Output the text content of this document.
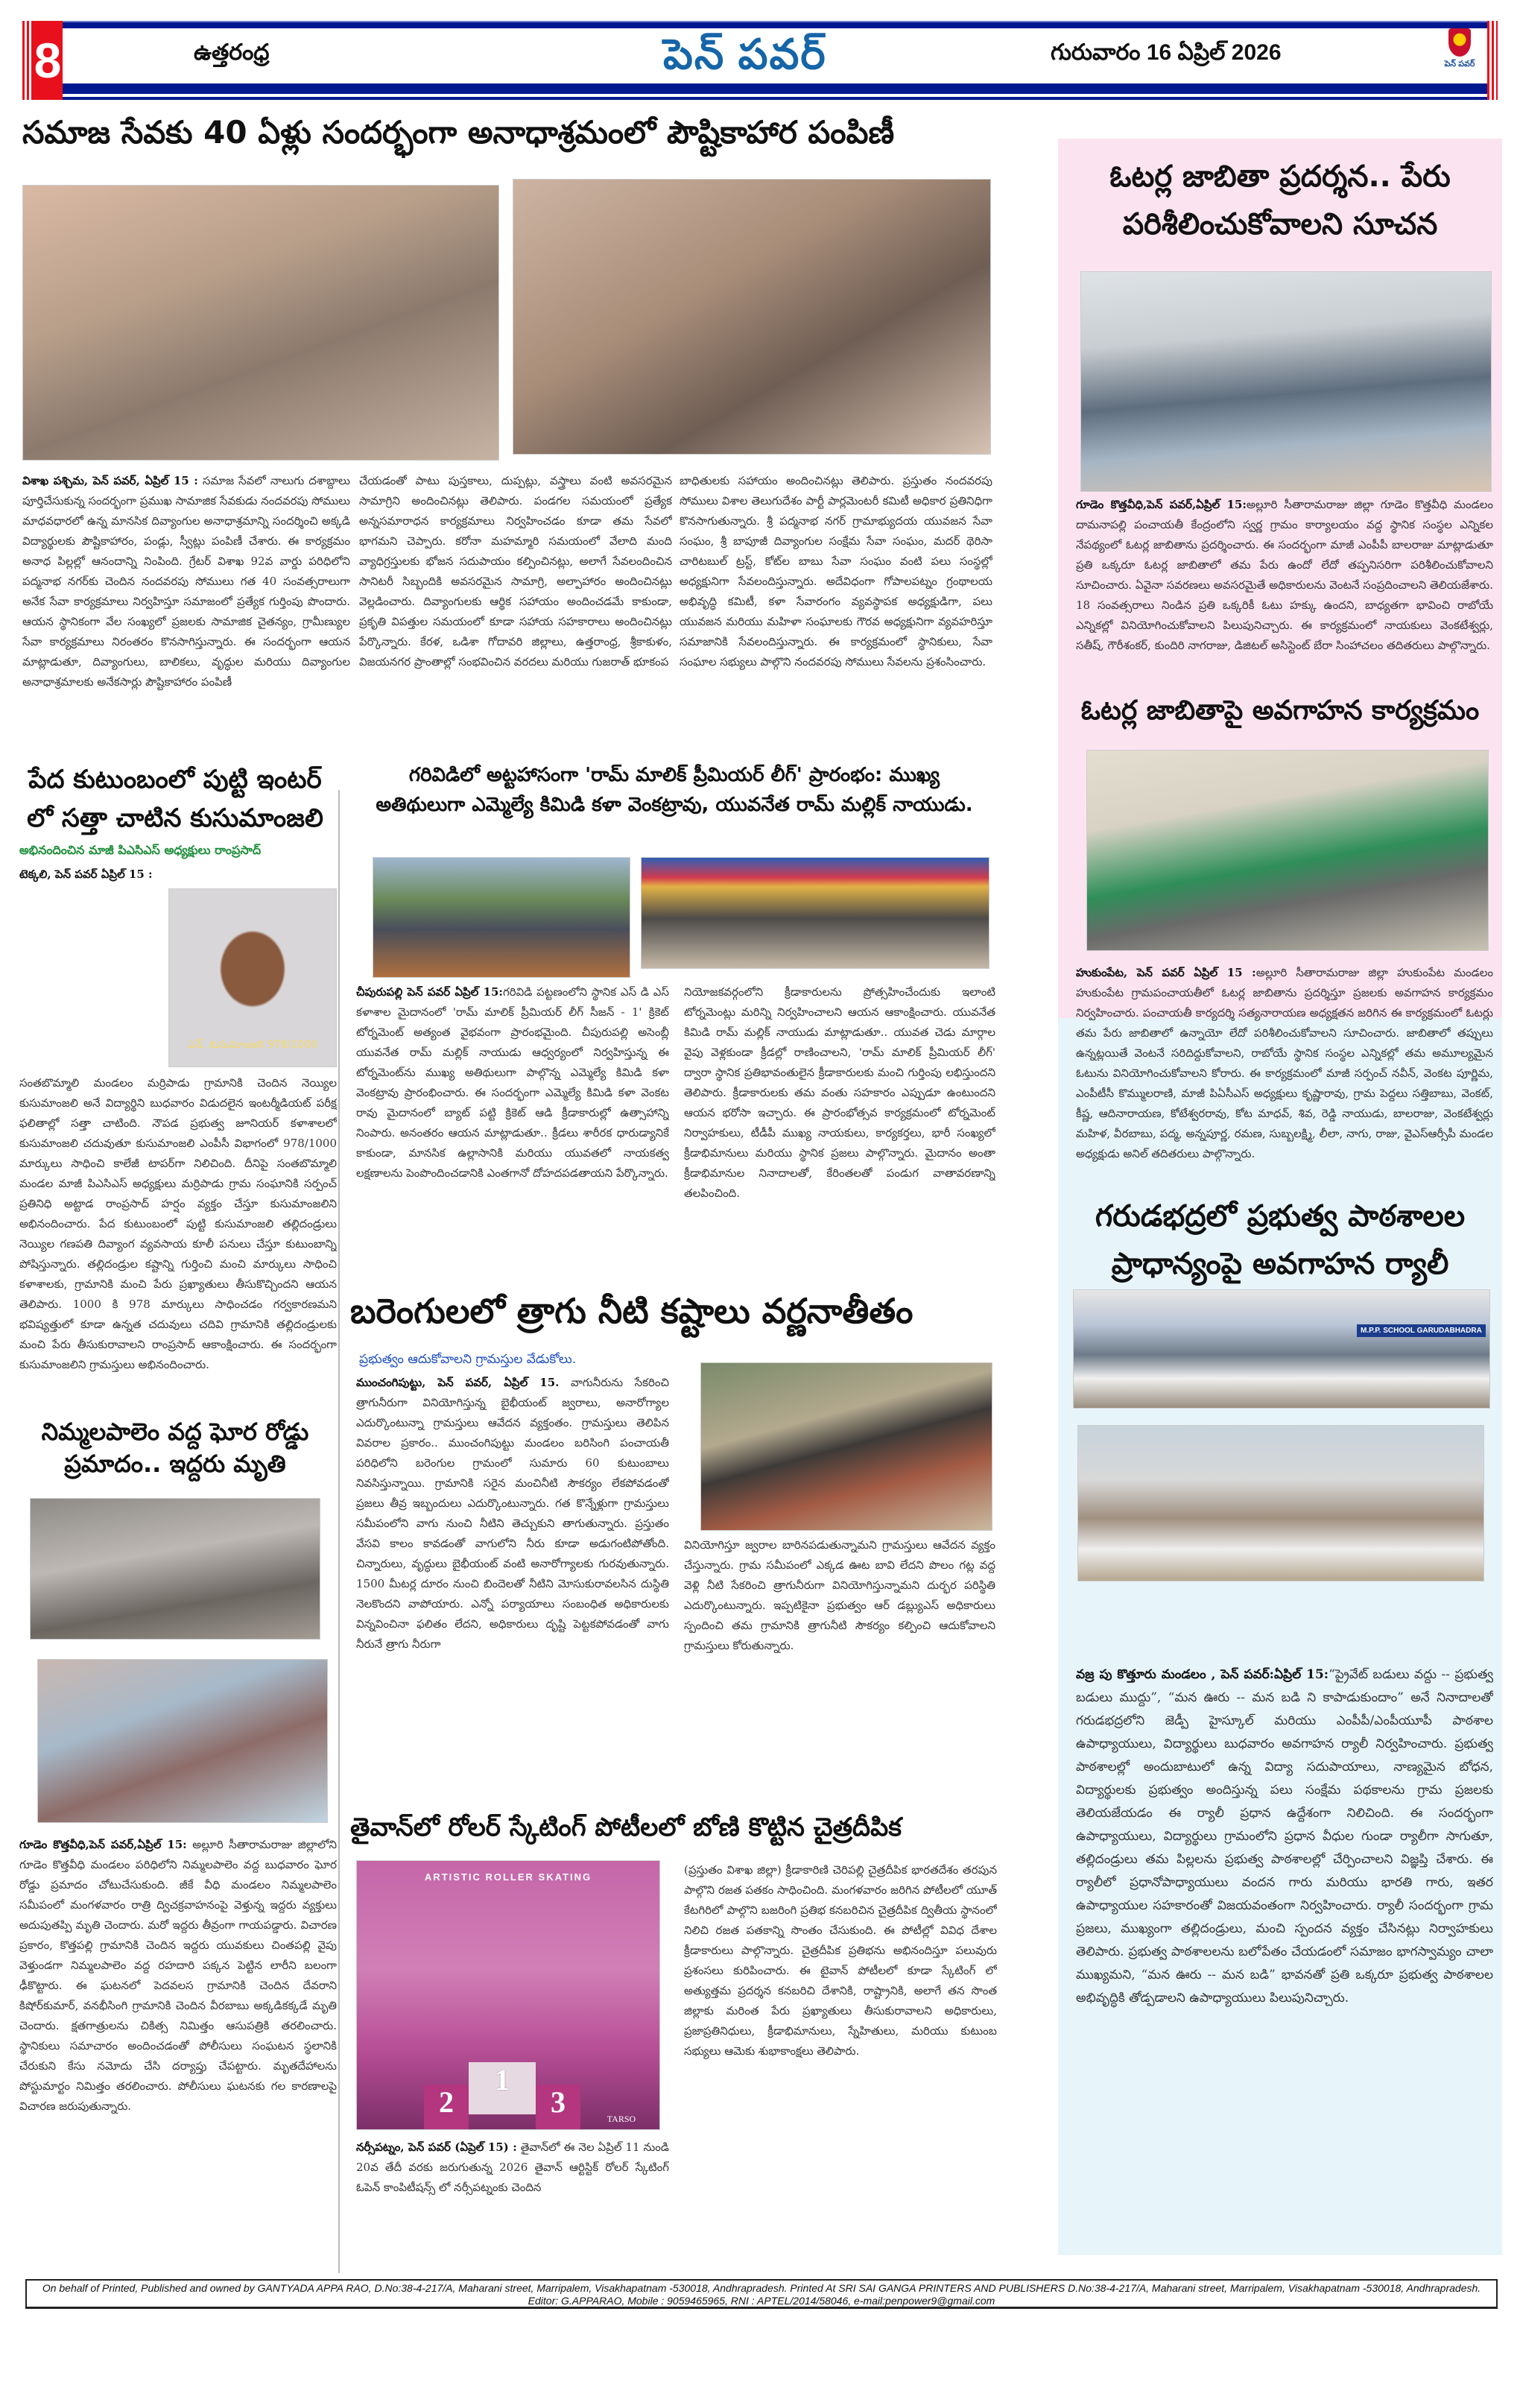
8	ఉత్తరంధ్ర	పెన్ పవర్	గురువారం 16 ఏప్రిల్ 2026	పెన్ పవర్
సమాజ సేవకు 40 ఏళ్లు సందర్భంగా అనాధాశ్రమంలో పౌష్టికాహార పంపిణీ
విశాఖ పశ్చిమ, పెన్ పవర్, ఏప్రిల్ 15 : సమాజ సేవలో నాలుగు దశాబ్దాలు పూర్తిచేసుకున్న సందర్భంగా ప్రముఖ సామాజిక సేవకుడు నందవరపు సోములు మాధవధారలో ఉన్న మానసిక దివ్యాంగుల అనాధాశ్రమాన్ని సందర్శించి అక్కడి విద్యార్థులకు పౌష్టికాహారం, పండ్లు, స్వీట్లు పంపిణీ చేశారు. ఈ కార్యక్రమం అనాధ పిల్లల్లో ఆనందాన్ని నింపింది. గ్రేటర్ విశాఖ 92వ వార్డు పరిధిలోని పద్మనాభ నగర్‌కు చెందిన నందవరపు సోములు గత 40 సంవత్సరాలుగా అనేక సేవా కార్యక్రమాలు నిర్వహిస్తూ సమాజంలో ప్రత్యేక గుర్తింపు పొందారు. ఆయన స్థానికంగా వేల సంఖ్యలో ప్రజలకు సామాజిక చైతన్యం, గ్రామీణ్యుల సేవా కార్యక్రమాలు నిరంతరం కొనసాగిస్తున్నారు. ఈ సందర్భంగా ఆయన మాట్లాడుతూ, దివ్యాంగులు, బాలికలు, వృద్ధుల మరియు దివ్యాంగుల అనాధాశ్రమాలకు అనేకసార్లు పౌష్టికాహారం పంపిణీ
చేయడంతో పాటు పుస్తకాలు, దుప్పట్లు, వస్త్రాలు వంటి అవసరమైన సామాగ్రిని అందించినట్లు తెలిపారు. పండగల సమయంలో ప్రత్యేక అన్నసమారాధన కార్యక్రమాలు నిర్వహించడం కూడా తమ సేవలో భాగమని చెప్పారు. కరోనా మహమ్మారి సమయంలో వేలాది మంది వ్యాధిగ్రస్తులకు భోజన సదుపాయం కల్పించినట్లు, అలాగే సేవలందించిన సానిటరీ సిబ్బందికి అవసరమైన సామాగ్రి, అల్పాహారం అందించినట్లు వెల్లడించారు. దివ్యాంగులకు ఆర్థిక సహాయం అందించడమే కాకుండా, ప్రకృతి విపత్తుల సమయంలో కూడా సహాయ సహకారాలు అందించినట్లు పేర్కొన్నారు. కేరళ, ఒడిశా గోదావరి జిల్లాలు, ఉత్తరాంధ్ర, శ్రీకాకుళం, విజయనగర ప్రాంతాల్లో సంభవించిన వరదలు మరియు గుజరాత్ భూకంప
బాధితులకు సహాయం అందించినట్లు తెలిపారు. ప్రస్తుతం నందవరపు సోములు విశాల తెలుగుదేశం పార్టీ పార్లమెంటరీ కమిటీ అధికార ప్రతినిధిగా కొనసాగుతున్నారు. శ్రీ పద్మనాభ నగర్ గ్రామాభ్యుదయ యువజన సేవా సంఘం, శ్రీ బాపూజీ దివ్యాంగుల సంక్షేమ సేవా సంఘం, మదర్ థెరిసా చారిటబుల్ ట్రస్ట్, కోట్‌ల బాబు సేవా సంఘం వంటి పలు సంస్థల్లో అధ్యక్షునిగా సేవలందిస్తున్నారు. అదేవిధంగా గోపాలపట్నం గ్రంథాలయ అభివృద్ధి కమిటీ, కళా సేవారంగం వ్యవస్థాపక అధ్యక్షుడిగా, పలు యువజన మరియు మహిళా సంఘాలకు గౌరవ అధ్యక్షునిగా వ్యవహరిస్తూ సమాజానికి సేవలందిస్తున్నారు. ఈ కార్యక్రమంలో స్థానికులు, సేవా సంఘాల సభ్యులు పాల్గొని నందవరపు సోములు సేవలను ప్రశంసించారు.
పేద కుటుంబంలో పుట్టి ఇంటర్
లో సత్తా చాటిన కుసుమాంజలి
అభినందించిన మాజీ పిఎసిఎస్ అధ్యక్షులు రాంప్రసాద్
టెక్కలి, పెన్ పవర్ ఏప్రిల్ 15 :
ఎన్. కుసుమాంజలి 978/1000
సంతబొమ్మాలి మండలం మర్రిపాడు గ్రామానికి చెందిన నెయ్యిల కుసుమాంజలి అనే విద్యార్థిని బుధవారం విడుదలైన ఇంటర్మీడియట్ పరీక్ష ఫలితాల్లో సత్తా చాటింది. నౌపడ ప్రభుత్వ జూనియర్ కళాశాలలో కుసుమాంజలి చదువుతూ కుసుమాంజలి ఎంపీసీ విభాగంలో 978/1000 మార్కులు సాధించి కాలేజీ టాపర్‌గా నిలిచింది. దీనిపై సంతబొమ్మాలి మండల మాజీ పిఎసిఎస్ అధ్యక్షులు మర్రిపాడు గ్రామ సంఘానికి సర్పంచ్ ప్రతినిధి అట్టాడ రాంప్రసాద్ హర్షం వ్యక్తం చేస్తూ కుసుమాంజలిని అభినందించారు. పేద కుటుంబంలో పుట్టి కుసుమాంజలి తల్లిదండ్రులు నెయ్యిల గణపతి దివ్యాంగ వ్యవసాయ కూలీ పనులు చేస్తూ కుటుంబాన్ని పోషిస్తున్నారు. తల్లిదండ్రుల కష్టాన్ని గుర్తించి మంచి మార్కులు సాధించి కళాశాలకు, గ్రామానికి మంచి పేరు ప్రఖ్యాతులు తీసుకొచ్చిందని ఆయన తెలిపారు. 1000 కి 978 మార్కులు సాధించడం గర్వకారణమని భవిష్యత్తులో కూడా ఉన్నత చదువులు చదివి గ్రామానికి తల్లిదండ్రులకు మంచి పేరు తీసుకురావాలని రాంప్రసాద్ ఆకాంక్షించారు. ఈ సందర్భంగా కుసుమాంజలిని గ్రామస్తులు అభినందించారు.
నిమ్మలపాలెం వద్ద ఘోర రోడ్డు
ప్రమాదం.. ఇద్దరు మృతి
గూడెం కొత్తవీధి,పెన్ పవర్,ఏప్రిల్ 15: అల్లూరి సీతారామరాజు జిల్లాలోని గూడెం కొత్తవీధి మండలం పరిధిలోని నిమ్మలపాలెం వద్ద బుధవారం ఘోర రోడ్డు ప్రమాదం చోటుచేసుకుంది. జీకే వీధి మండలం నిమ్మలపాలెం సమీపంలో మంగళవారం రాత్రి ద్విచక్రవాహనంపై వెళ్తున్న ఇద్దరు వ్యక్తులు అదుపుతప్పి మృతి చెందారు. మరో ఇద్దరు తీవ్రంగా గాయపడ్డారు. విచారణ ప్రకారం, కొత్తపల్లి గ్రామానికి చెందిన ఇద్దరు యువకులు చింతపల్లి వైపు వెళ్తుండగా నిమ్మలపాలెం వద్ద రహదారి పక్కన పెట్టిన లారీని బలంగా ఢీకొట్టారు. ఈ ఘటనలో పెదవలస గ్రామానికి చెందిన దేవరాని కిషోర్‌కుమార్, వనభీసింగి గ్రామానికి చెందిన వీరబాబు అక్కడికక్కడే మృతి చెందారు. క్షతగాత్రులను చికిత్స నిమిత్తం ఆసుపత్రికి తరలించారు. స్థానికులు సమాచారం అందించడంతో పోలీసులు సంఘటన స్థలానికి చేరుకుని కేసు నమోదు చేసి దర్యాప్తు చేపట్టారు. మృతదేహాలను పోస్టుమార్టం నిమిత్తం తరలించారు. పోలీసులు ఘటనకు గల కారణాలపై విచారణ జరుపుతున్నారు.
గరివిడిలో అట్టహాసంగా 'రామ్ మాలిక్ ప్రీమియర్ లీగ్' ప్రారంభం: ముఖ్య
అతిథులుగా ఎమ్మెల్యే కిమిడి కళా వెంకట్రావు, యువనేత రామ్ మల్లిక్ నాయుడు.
చీపురుపల్లి పెన్ పవర్ ఏప్రిల్ 15:గరివిడి పట్టణంలోని స్థానిక ఎస్ డి ఎస్ కళాశాల మైదానంలో 'రామ్ మాలిక్ ప్రీమియర్ లీగ్ సీజన్ - 1' క్రికెట్ టోర్నమెంట్ అత్యంత వైభవంగా ప్రారంభమైంది. చీపురుపల్లి అసెంబ్లీ యువనేత రామ్ మల్లిక్ నాయుడు ఆధ్వర్యంలో నిర్వహిస్తున్న ఈ టోర్నమెంట్‌ను ముఖ్య అతిథులుగా పాల్గొన్న ఎమ్మెల్యే కిమిడి కళా వెంకట్రావు ప్రారంభించారు. ఈ సందర్భంగా ఎమ్మెల్యే కిమిడి కళా వెంకట రావు మైదానంలో బ్యాట్ పట్టి క్రికెట్ ఆడి క్రీడాకారుల్లో ఉత్సాహాన్ని నింపారు. అనంతరం ఆయన మాట్లాడుతూ.. క్రీడలు శారీరక ధారుడ్యానికే కాకుండా, మానసిక ఉల్లాసానికి మరియు యువతలో నాయకత్వ లక్షణాలను పెంపొందించడానికి ఎంతగానో దోహదపడతాయని పేర్కొన్నారు.
నియోజకవర్గంలోని క్రీడాకారులను ప్రోత్సహించేందుకు ఇలాంటి టోర్నమెంట్లు మరిన్ని నిర్వహించాలని ఆయన ఆకాంక్షించారు. యువనేత కిమిడి రామ్ మల్లిక్ నాయుడు మాట్లాడుతూ.. యువత చెడు మార్గాల వైపు వెళ్లకుండా క్రీడల్లో రాణించాలని, 'రామ్ మాలిక్ ప్రీమియర్ లీగ్' ద్వారా స్థానిక ప్రతిభావంతులైన క్రీడాకారులకు మంచి గుర్తింపు లభిస్తుందని తెలిపారు. క్రీడాకారులకు తమ వంతు సహకారం ఎప్పుడూ ఉంటుందని ఆయన భరోసా ఇచ్చారు. ఈ ప్రారంభోత్సవ కార్యక్రమంలో టోర్నమెంట్ నిర్వాహకులు, టీడీపీ ముఖ్య నాయకులు, కార్యకర్తలు, భారీ సంఖ్యలో క్రీడాభిమానులు మరియు స్థానిక ప్రజలు పాల్గొన్నారు. మైదానం అంతా క్రీడాభిమానుల నినాదాలతో, కేరింతలతో పండుగ వాతావరణాన్ని తలపించింది.
బరెంగులలో త్రాగు నీటి కష్టాలు వర్ణనాతీతం
ప్రభుత్వం ఆదుకోవాలని గ్రామస్తుల వేడుకోలు.
ముంచంగిపుట్టు, పెన్ పవర్, ఏప్రిల్ 15. వాగునీరును సేకరించి త్రాగునీరుగా వినియోగిస్తున్న బైభీయంట్ జ్వరాలు, అనారోగ్యాల ఎదుర్కొంటున్నా గ్రామస్తులు ఆవేదన వ్యక్తంతం. గ్రామస్తులు తెలిపిన వివరాల ప్రకారం.. ముంచంగిపుట్టు మండలం బరిసింగి పంచాయతీ పరిధిలోని బరెంగుల గ్రామంలో సుమారు 60 కుటుంబాలు నివసిస్తున్నాయి. గ్రామానికి సరైన మంచినీటి సౌకర్యం లేకపోవడంతో ప్రజలు తీవ్ర ఇబ్బందులు ఎదుర్కొంటున్నారు. గత కొన్నేళ్లుగా గ్రామస్తులు సమీపంలోని వాగు నుంచి నీటిని తెచ్చుకుని తాగుతున్నారు. ప్రస్తుతం వేసవి కాలం కావడంతో వాగులోని నీరు కూడా అడుగంటిపోతోంది. చిన్నారులు, వృద్ధులు బైభీయంట్ వంటి అనారోగ్యాలకు గురవుతున్నారు. 1500 మీటర్ల దూరం నుంచి బిందెలతో నీటిని మోసుకురావలసిన దుస్థితి నెలకొందని వాపోయారు. ఎన్నో పర్యాయాలు సంబంధిత అధికారులకు విన్నవించినా ఫలితం లేదని, అధికారులు దృష్టి పెట్టకపోవడంతో వాగు నీరునే త్రాగు నీరుగా
వినియోగిస్తూ జ్వరాల బారినపడుతున్నామని గ్రామస్తులు ఆవేదన వ్యక్తం చేస్తున్నారు. గ్రామ సమీపంలో ఎక్కడ ఊట బావి లేదని పొలం గట్ల వద్ద వెళ్లి నీటి సేకరించి త్రాగునీరుగా వినియోగిస్తున్నామని దుర్భర పరిస్థితి ఎదుర్కొంటున్నారు. ఇప్పటికైనా ప్రభుత్వం ఆర్ డబ్ల్యుఎస్ అధికారులు స్పందించి తమ గ్రామానికి త్రాగునీటి సౌకర్యం కల్పించి ఆదుకోవాలని గ్రామస్తులు కోరుతున్నారు.
తైవాన్‌లో రోలర్ స్కేటింగ్ పోటీలలో బోణి కొట్టిన చైత్రదీపిక
ARTISTIC ROLLER SKATING
1
2	3	TARSO
నర్సీపట్నం, పెన్ పవర్ (ఏప్రెల్ 15) : తైవాన్‌లో ఈ నెల ఏప్రిల్ 11 నుండి 20వ తేదీ వరకు జరుగుతున్న 2026 తైవాన్ ఆర్టిస్టిక్ రోలర్ స్కేటింగ్ ఓపెన్ కాంపిటీషన్స్ లో నర్సీపట్నంకు చెందిన
(ప్రస్తుతం విశాఖ జిల్లా) క్రీడాకారిణి చెరిపల్లి చైత్రదీపిక భారతదేశం తరపున పాల్గొని రజత పతకం సాధించింది. మంగళవారం జరిగిన పోటీలలో యూత్ కేటగిరిలో పాల్గొని బజరింగి ప్రతిభ కనబరిచిన చైత్రదీపిక ద్వితీయ స్థానంలో నిలిచి రజత పతకాన్ని సొంతం చేసుకుంది. ఈ పోటీల్లో వివిధ దేశాల క్రీడాకారులు పాల్గొన్నారు. చైత్రదీపిక ప్రతిభను అభినందిస్తూ పలువురు ప్రశంసలు కురిపించారు. ఈ టైవాన్ పోటీలలో కూడా స్కేటింగ్ లో అత్యుత్తమ ప్రదర్శన కనబరిచి దేశానికి, రాష్ట్రానికి, అలాగే తన సొంత జిల్లాకు మరింత పేరు ప్రఖ్యాతులు తీసుకురావాలని అధికారులు, ప్రజాప్రతినిధులు, క్రీడాభిమానులు, స్నేహితులు, మరియు కుటుంబ సభ్యులు ఆమెకు శుభాకాంక్షలు తెలిపారు.
ఓటర్ల జాబితా ప్రదర్శన.. పేరు
పరిశీలించుకోవాలని సూచన
గూడెం కొత్తవీధి,పెన్ పవర్,ఏప్రిల్ 15:అల్లూరి సీతారామరాజు జిల్లా గూడెం కొత్తవీధి మండలం దామనాపల్లి పంచాయతీ కేంద్రంలోని స్వర్ణ గ్రామం కార్యాలయం వద్ద స్థానిక సంస్థల ఎన్నికల నేపథ్యంలో ఓటర్ల జాబితాను ప్రదర్శించారు. ఈ సందర్భంగా మాజీ ఎంపీపీ బాలరాజు మాట్లాడుతూ ప్రతి ఒక్కరూ ఓటర్ల జాబితాలో తమ పేరు ఉందో లేదో తప్పనిసరిగా పరిశీలించుకోవాలని సూచించారు. ఏవైనా సవరణలు అవసరమైతే అధికారులను వెంటనే సంప్రదించాలని తెలియజేశారు. 18 సంవత్సరాలు నిండిన ప్రతి ఒక్కరికీ ఓటు హక్కు ఉందని, బాధ్యతగా భావించి రాబోయే ఎన్నికల్లో వినియోగించుకోవాలని పిలుపునిచ్చారు. ఈ కార్యక్రమంలో నాయకులు వెంకటేశ్వర్లు, సతీష్, గౌరీశంకర్, కుందిరి నాగరాజు, డిజిటల్ అసిస్టెంట్ బేరా సింహాచలం తదితరులు పాల్గొన్నారు.
ఓటర్ల జాబితాపై అవగాహన కార్యక్రమం
హుకుంపేట, పెన్ పవర్ ఏప్రిల్ 15 :అల్లూరి సీతారామరాజు జిల్లా హుకుంపేట మండలం హుకుంపేట గ్రామపంచాయతీలో ఓటర్ల జాబితాను ప్రదర్శిస్తూ ప్రజలకు అవగాహన కార్యక్రమం నిర్వహించారు. పంచాయతీ కార్యదర్శి సత్యనారాయణ అధ్యక్షతన జరిగిన ఈ కార్యక్రమంలో ఓటర్లు తమ పేరు జాబితాలో ఉన్నాయో లేదో పరిశీలించుకోవాలని సూచించారు. జాబితాలో తప్పులు ఉన్నట్లయితే వెంటనే సరిదిద్దుకోవాలని, రాబోయే స్థానిక సంస్థల ఎన్నికల్లో తమ అమూల్యమైన ఓటును వినియోగించుకోవాలని కోరారు. ఈ కార్యక్రమంలో మాజీ సర్పంచ్ నవీన్, వెంకట పూర్ణిమ, ఎంపీటీసీ కొమ్ములరాణి, మాజీ పిఏసీఎస్ అధ్యక్షులు కృష్ణారావు, గ్రామ పెద్దలు సత్తిబాబు, వెంకట్, కీష్ణ, ఆదినారాయణ, కోటేశ్వరరావు, కోట మాధవ్, శివ, రెడ్డి నాయుడు, బాలరాజు, వెంకటేశ్వర్లు మహిళ, వీరబాబు, పద్మ, అన్నపూర్ణ, రమణ, సుబ్బలక్ష్మి, లీలా, నాగు, రాజు, వైఎస్ఆర్సీపీ మండల అధ్యక్షుడు అనిల్ తదితరులు పాల్గొన్నారు.
గరుడభద్రలో ప్రభుత్వ పాఠశాలల
ప్రాధాన్యంపై అవగాహన ర్యాలీ
M.P.P. SCHOOL GARUDABHADRA
వజ్ర పు కొత్తూరు మండలం , పెన్ పవర్:ఏప్రిల్ 15:“ప్రైవేట్ బడులు వద్దు -- ప్రభుత్వ బడులు ముద్దు”, “మన ఊరు -- మన బడి ని కాపాడుకుందాం” అనే నినాదాలతో గరుడభద్రలోని జెడ్పీ హైస్కూల్ మరియు ఎంపీపీ/ఎంపీయూపీ పాఠశాల ఉపాధ్యాయులు, విద్యార్థులు బుధవారం అవగాహన ర్యాలీ నిర్వహించారు. ప్రభుత్వ పాఠశాలల్లో అందుబాటులో ఉన్న విద్యా సదుపాయాలు, నాణ్యమైన బోధన, విద్యార్థులకు ప్రభుత్వం అందిస్తున్న పలు సంక్షేమ పథకాలను గ్రామ ప్రజలకు తెలియజేయడం ఈ ర్యాలీ ప్రధాన ఉద్దేశంగా నిలిచింది. ఈ సందర్భంగా ఉపాధ్యాయులు, విద్యార్థులు గ్రామంలోని ప్రధాన వీధుల గుండా ర్యాలీగా సాగుతూ, తల్లిదండ్రులు తమ పిల్లలను ప్రభుత్వ పాఠశాలల్లో చేర్పించాలని విజ్ఞప్తి చేశారు. ఈ ర్యాలీలో ప్రధానోపాధ్యాయులు వందన గారు మరియు భారతి గారు, ఇతర ఉపాధ్యాయుల సహకారంతో విజయవంతంగా నిర్వహించారు. ర్యాలీ సందర్భంగా గ్రామ ప్రజలు, ముఖ్యంగా తల్లిదండ్రులు, మంచి స్పందన వ్యక్తం చేసినట్లు నిర్వాహకులు తెలిపారు. ప్రభుత్వ పాఠశాలలను బలోపేతం చేయడంలో సమాజం భాగస్వామ్యం చాలా ముఖ్యమని, “మన ఊరు -- మన బడి” భావనతో ప్రతి ఒక్కరూ ప్రభుత్వ పాఠశాలల అభివృద్ధికి తోడ్పడాలని ఉపాధ్యాయులు పిలుపునిచ్చారు.
On behalf of Printed, Published and owned by GANTYADA APPA RAO, D.No:38-4-217/A, Maharani street, Marripalem, Visakhapatnam -530018, Andhrapradesh. Printed At SRI SAI GANGA PRINTERS AND PUBLISHERS D.No:38-4-217/A, Maharani street, Marripalem, Visakhapatnam -530018, Andhrapradesh.
Editor: G.APPARAO, Mobile : 9059465965, RNI : APTEL/2014/58046, e-mail:penpower9@gmail.com
